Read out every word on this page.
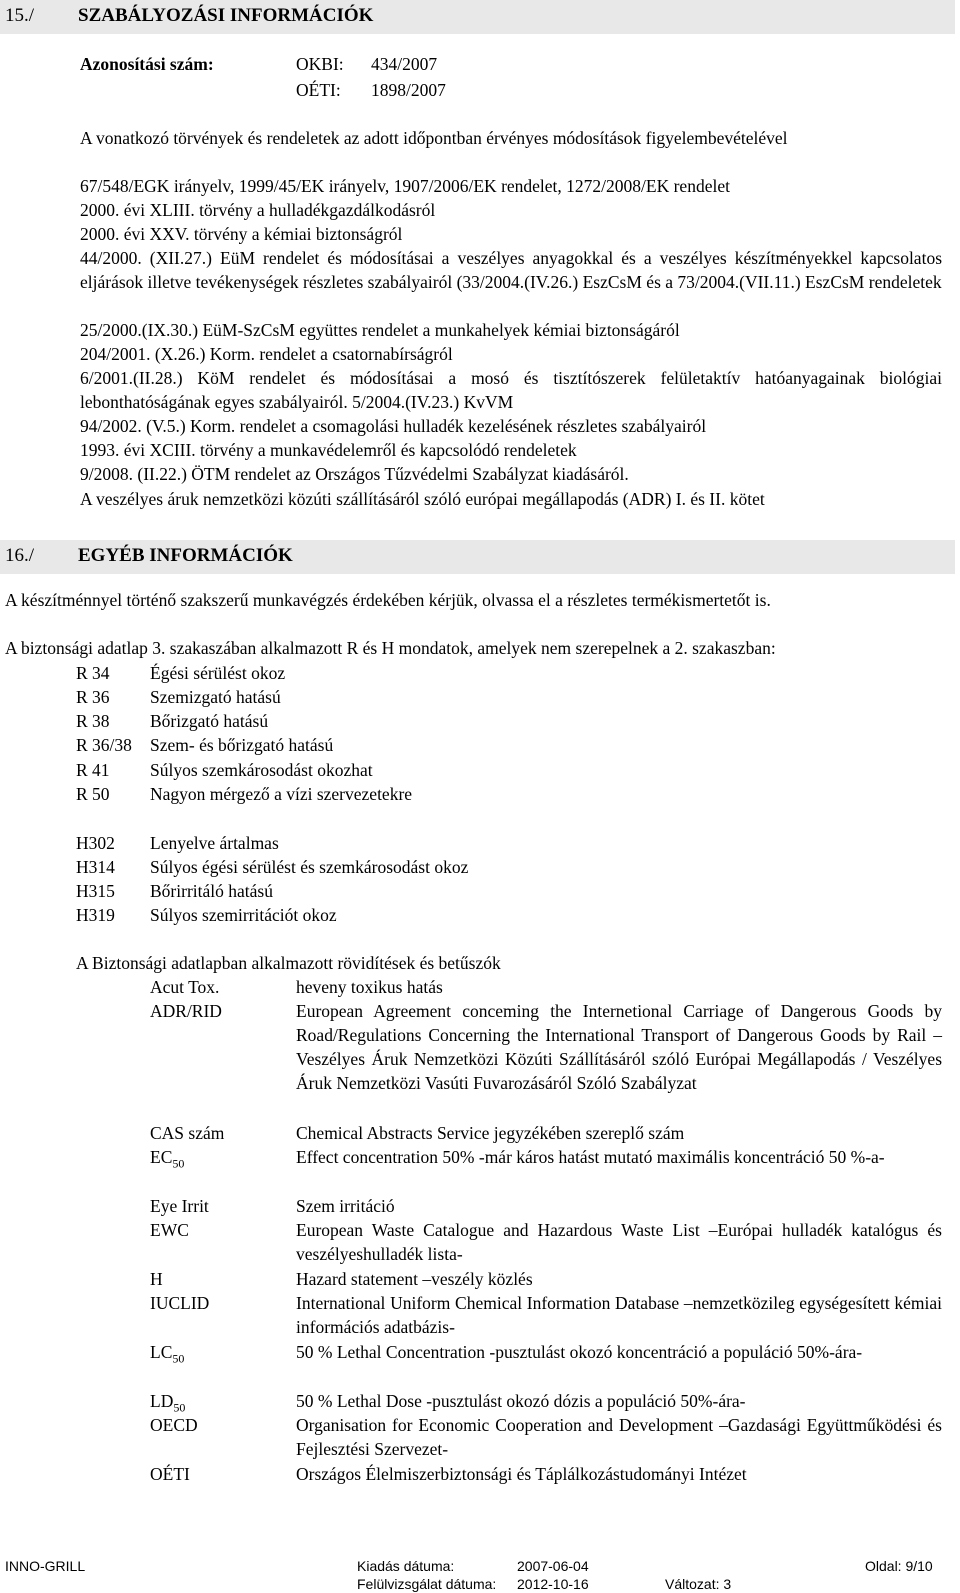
15./ SZABÁLYOZÁSI INFORMÁCIÓK
Azonosítási szám:	OKBI: 434/2007
OÉTI: 1898/2007
A vonatkozó törvények és rendeletek az adott időpontban érvényes módosítások figyelembevételével
67/548/EGK irányelv, 1999/45/EK irányelv, 1907/2006/EK rendelet, 1272/2008/EK rendelet
2000. évi XLIII. törvény a hulladékgazdálkodásról
2000. évi XXV. törvény a kémiai biztonságról
44/2000. (XII.27.) EüM rendelet és módosításai a veszélyes anyagokkal és a veszélyes készítményekkel kapcsolatos eljárások illetve tevékenységek részletes szabályairól (33/2004.(IV.26.) EszCsM és a 73/2004.(VII.11.) EszCsM rendeletek
25/2000.(IX.30.) EüM-SzCsM együttes rendelet a munkahelyek kémiai biztonságáról
204/2001. (X.26.) Korm. rendelet a csatornabírságról
6/2001.(II.28.) KöM rendelet és módosításai a mosó és tisztítószerek felületaktív hatóanyagainak biológiai lebonthatóságának egyes szabályairól. 5/2004.(IV.23.) KvVM
94/2002. (V.5.) Korm. rendelet a csomagolási hulladék kezelésének részletes szabályairól
1993. évi XCIII. törvény a munkavédelemről és kapcsolódó rendeletek
9/2008. (II.22.) ÖTM rendelet az Országos Tűzvédelmi Szabályzat kiadásáról.
A veszélyes áruk nemzetközi közúti szállításáról szóló európai megállapodás (ADR) I. és II. kötet
16./ EGYÉB INFORMÁCIÓK
A készítménnyel történő szakszerű munkavégzés érdekében kérjük, olvassa el a részletes termékismertetőt is.
A biztonsági adatlap 3. szakaszában alkalmazott R és H mondatok, amelyek nem szerepelnek a 2. szakaszban:
R 34 Égési sérülést okoz
R 36 Szemizgató hatású
R 38 Bőrizgató hatású
R 36/38 Szem- és bőrizgató hatású
R 41 Súlyos szemkárosodást okozhat
R 50 Nagyon mérgező a vízi szervezetekre
H302 Lenyelve ártalmas
H314 Súlyos égési sérülést és szemkárosodást okoz
H315 Bőrirritáló hatású
H319 Súlyos szemirritációt okoz
A Biztonsági adatlapban alkalmazott rövidítések és betűszók
Acut Tox.	heveny toxikus hatás
ADR/RID	European Agreement conceming the Internetional Carriage of Dangerous Goods by Road/Regulations Concerning the International Transport of Dangerous Goods by Rail –Veszélyes Áruk Nemzetközi Közúti Szállításáról szóló Európai Megállapodás / Veszélyes Áruk Nemzetközi Vasúti Fuvarozásáról Szóló Szabályzat
CAS szám	Chemical Abstracts Service jegyzékében szereplő szám
$EC_{50}$	Effect concentration 50% -már káros hatást mutató maximális koncentráció 50 %-a-
Eye Irrit	Szem irritáció
EWC	European Waste Catalogue and Hazardous Waste List –Európai hulladék katalógus és veszélyeshulladék lista-
H	Hazard statement –veszély közlés
IUCLID	International Uniform Chemical Information Database –nemzetközileg egységesített kémiai információs adatbázis-
$LC_{50}$	50 % Lethal Concentration -pusztulást okozó koncentráció a populáció 50%-ára-
$LD_{50}$	50 % Lethal Dose -pusztulást okozó dózis a populáció 50%-ára-
OECD	Organisation for Economic Cooperation and Development –Gazdasági Együttműködési és Fejlesztési Szervezet-
OÉTI	Országos Élelmiszerbiztonsági és Táplálkozástudományi Intézet
INNO-GRILL	Kiadás dátuma:	2007-06-04	Oldal: 9/10
Felülvizsgálat dátuma: 2012-10-16	Változat: 3
